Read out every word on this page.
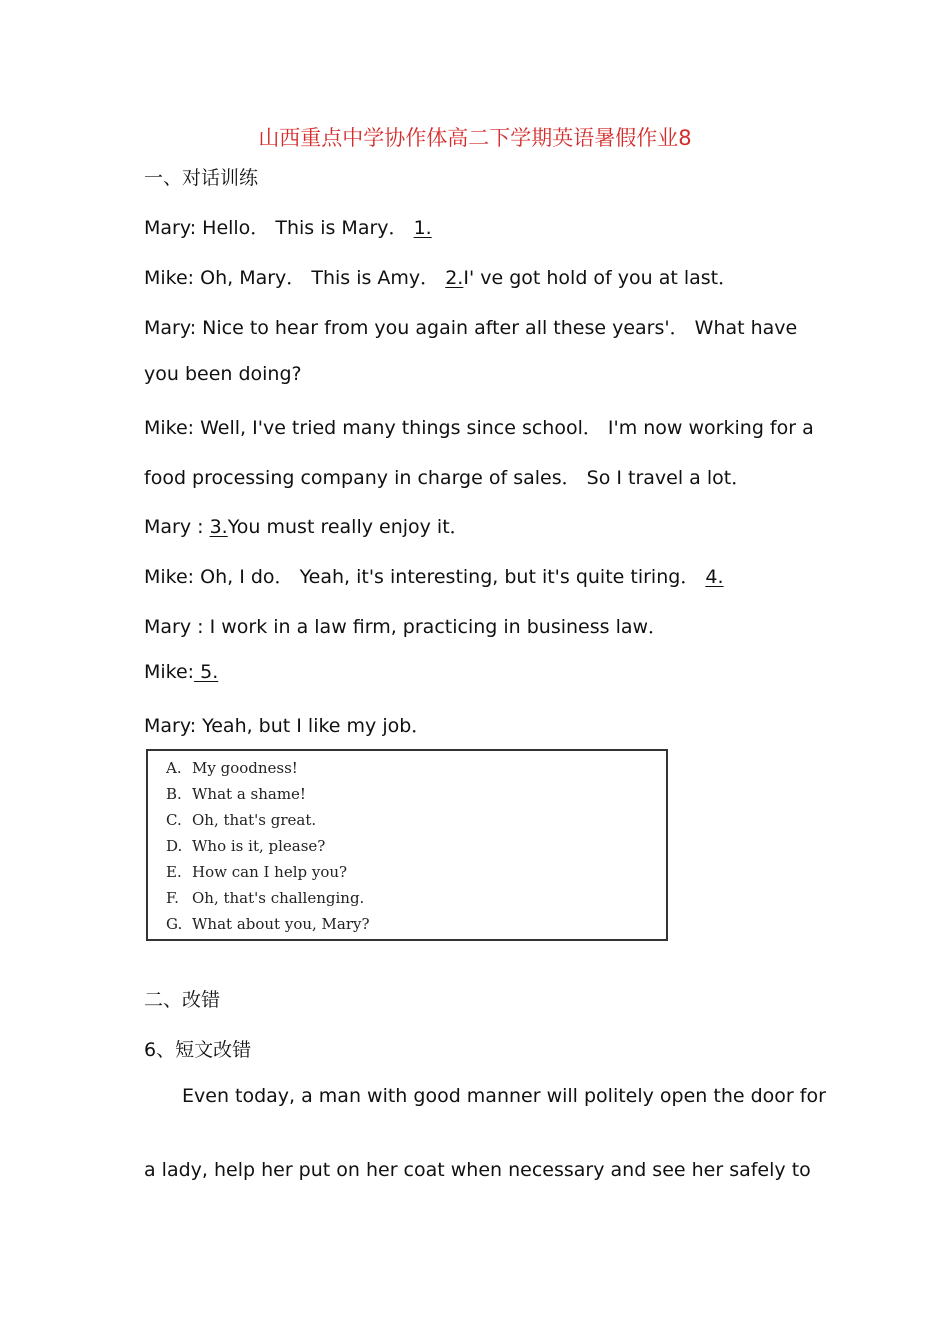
山西重点中学协作体高二下学期英语暑假作业8
一、对话训练
Mary: Hello． This is Mary． 1.
Mike: Oh, Mary． This is Amy． 2.I' ve got hold of you at last．
Mary: Nice to hear from you again after all these years'． What have
you been doing?
Mike: Well, I've tried many things since school． I'm now working for a
food processing company in charge of sales． So I travel a lot．
Mary : 3.You must really enjoy it．
Mike: Oh, I do． Yeah, it's interesting, but it's quite tiring． 4.
Mary : I work in a law firm, practicing in business law．
Mike: 5.
Mary: Yeah, but I like my job．
A. My goodness!
B. What a shame!
C. Oh, that's great.
D. Who is it, please?
E. How can I help you?
F. Oh, that's challenging.
G. What about you, Mary?
二、改错
6、短文改错
Even today, a man with good manner will politely open the door for
a lady, help her put on her coat when necessary and see her safely to
